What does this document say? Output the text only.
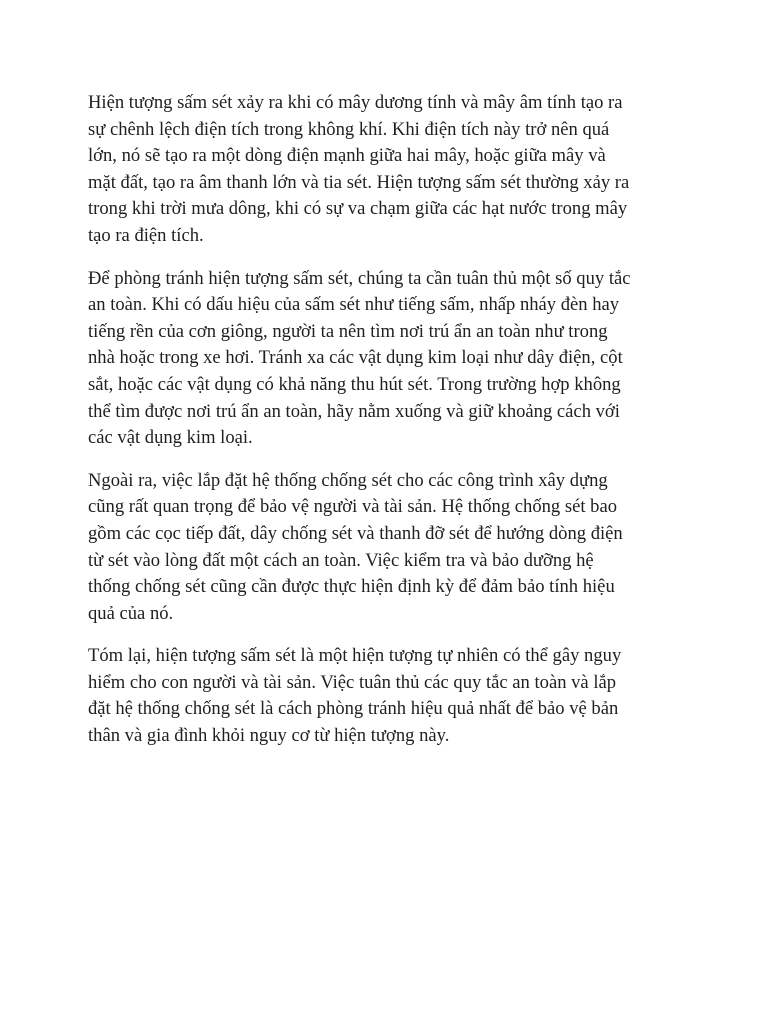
Hiện tượng sấm sét xảy ra khi có mây dương tính và mây âm tính tạo ra
sự chênh lệch điện tích trong không khí. Khi điện tích này trở nên quá
lớn, nó sẽ tạo ra một dòng điện mạnh giữa hai mây, hoặc giữa mây và
mặt đất, tạo ra âm thanh lớn và tia sét. Hiện tượng sấm sét thường xảy ra
trong khi trời mưa dông, khi có sự va chạm giữa các hạt nước trong mây
tạo ra điện tích.

Để phòng tránh hiện tượng sấm sét, chúng ta cần tuân thủ một số quy tắc
an toàn. Khi có dấu hiệu của sấm sét như tiếng sấm, nhấp nháy đèn hay
tiếng rền của cơn giông, người ta nên tìm nơi trú ẩn an toàn như trong
nhà hoặc trong xe hơi. Tránh xa các vật dụng kim loại như dây điện, cột
sắt, hoặc các vật dụng có khả năng thu hút sét. Trong trường hợp không
thể tìm được nơi trú ẩn an toàn, hãy nằm xuống và giữ khoảng cách với
các vật dụng kim loại.

Ngoài ra, việc lắp đặt hệ thống chống sét cho các công trình xây dựng
cũng rất quan trọng để bảo vệ người và tài sản. Hệ thống chống sét bao
gồm các cọc tiếp đất, dây chống sét và thanh đỡ sét để hướng dòng điện
từ sét vào lòng đất một cách an toàn. Việc kiểm tra và bảo dưỡng hệ
thống chống sét cũng cần được thực hiện định kỳ để đảm bảo tính hiệu
quả của nó.

Tóm lại, hiện tượng sấm sét là một hiện tượng tự nhiên có thể gây nguy
hiểm cho con người và tài sản. Việc tuân thủ các quy tắc an toàn và lắp
đặt hệ thống chống sét là cách phòng tránh hiệu quả nhất để bảo vệ bản
thân và gia đình khỏi nguy cơ từ hiện tượng này.
